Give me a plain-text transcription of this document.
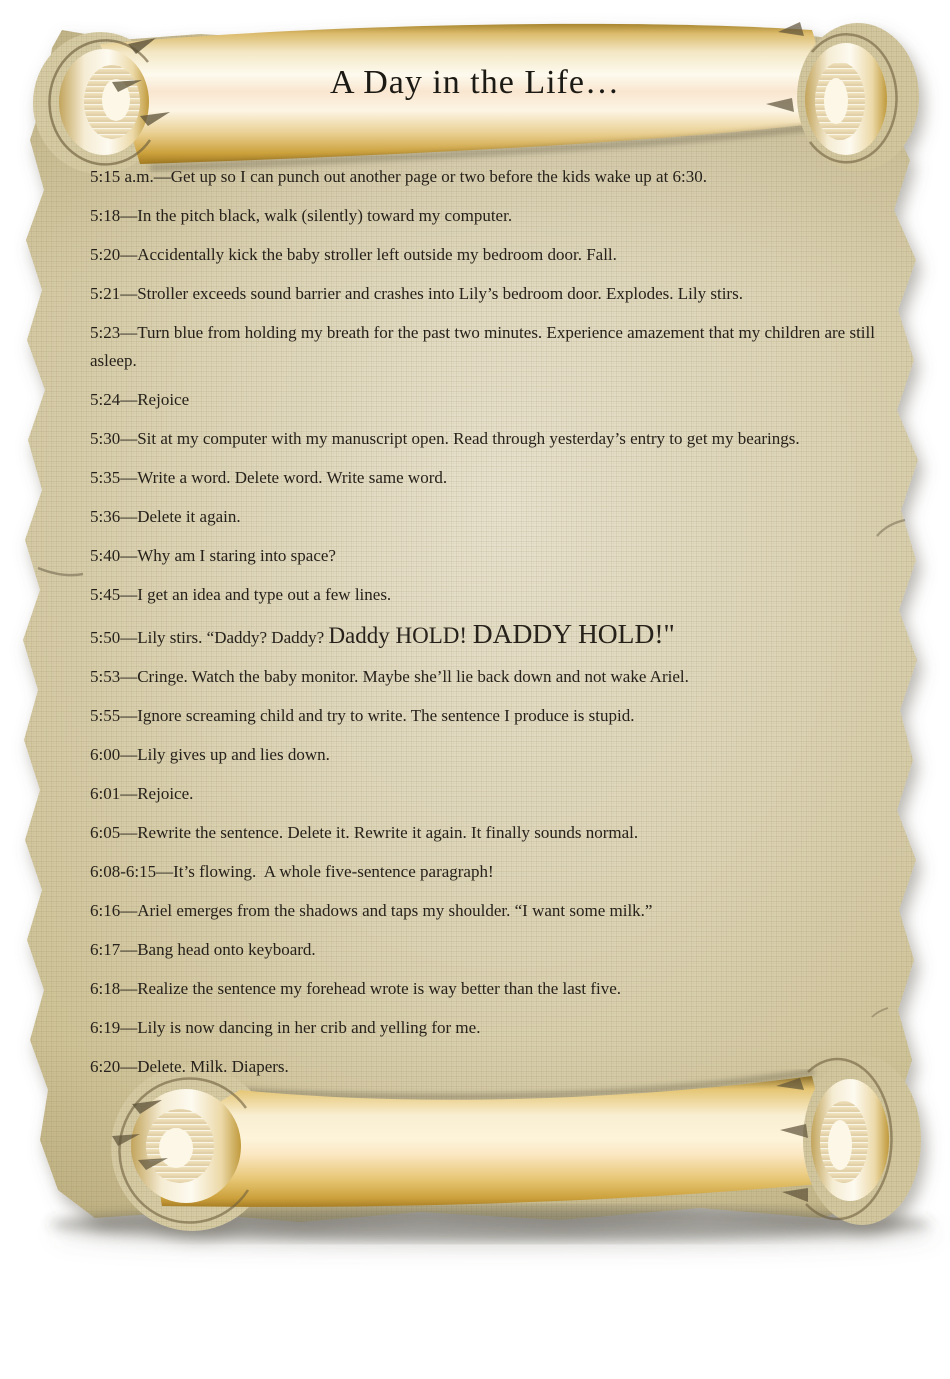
A Day in the Life…

5:15 a.m.—Get up so I can punch out another page or two before the kids wake up at 6:30.

5:18—In the pitch black, walk (silently) toward my computer.

5:20—Accidentally kick the baby stroller left outside my bedroom door. Fall.

5:21—Stroller exceeds sound barrier and crashes into Lily’s bedroom door. Explodes. Lily stirs.

5:23—Turn blue from holding my breath for the past two minutes. Experience amazement that my children are still asleep.

5:24—Rejoice

5:30—Sit at my computer with my manuscript open. Read through yesterday’s entry to get my bearings.

5:35—Write a word. Delete word. Write same word.

5:36—Delete it again.

5:40—Why am I staring into space?

5:45—I get an idea and type out a few lines.

5:50—Lily stirs. “Daddy? Daddy? Daddy HOLD! DADDY HOLD!"

5:53—Cringe. Watch the baby monitor. Maybe she’ll lie back down and not wake Ariel.

5:55—Ignore screaming child and try to write. The sentence I produce is stupid.

6:00—Lily gives up and lies down.

6:01—Rejoice.

6:05—Rewrite the sentence. Delete it. Rewrite it again. It finally sounds normal.

6:08-6:15—It’s flowing.  A whole five-sentence paragraph!

6:16—Ariel emerges from the shadows and taps my shoulder. “I want some milk.”

6:17—Bang head onto keyboard.

6:18—Realize the sentence my forehead wrote is way better than the last five.

6:19—Lily is now dancing in her crib and yelling for me.

6:20—Delete. Milk. Diapers.
